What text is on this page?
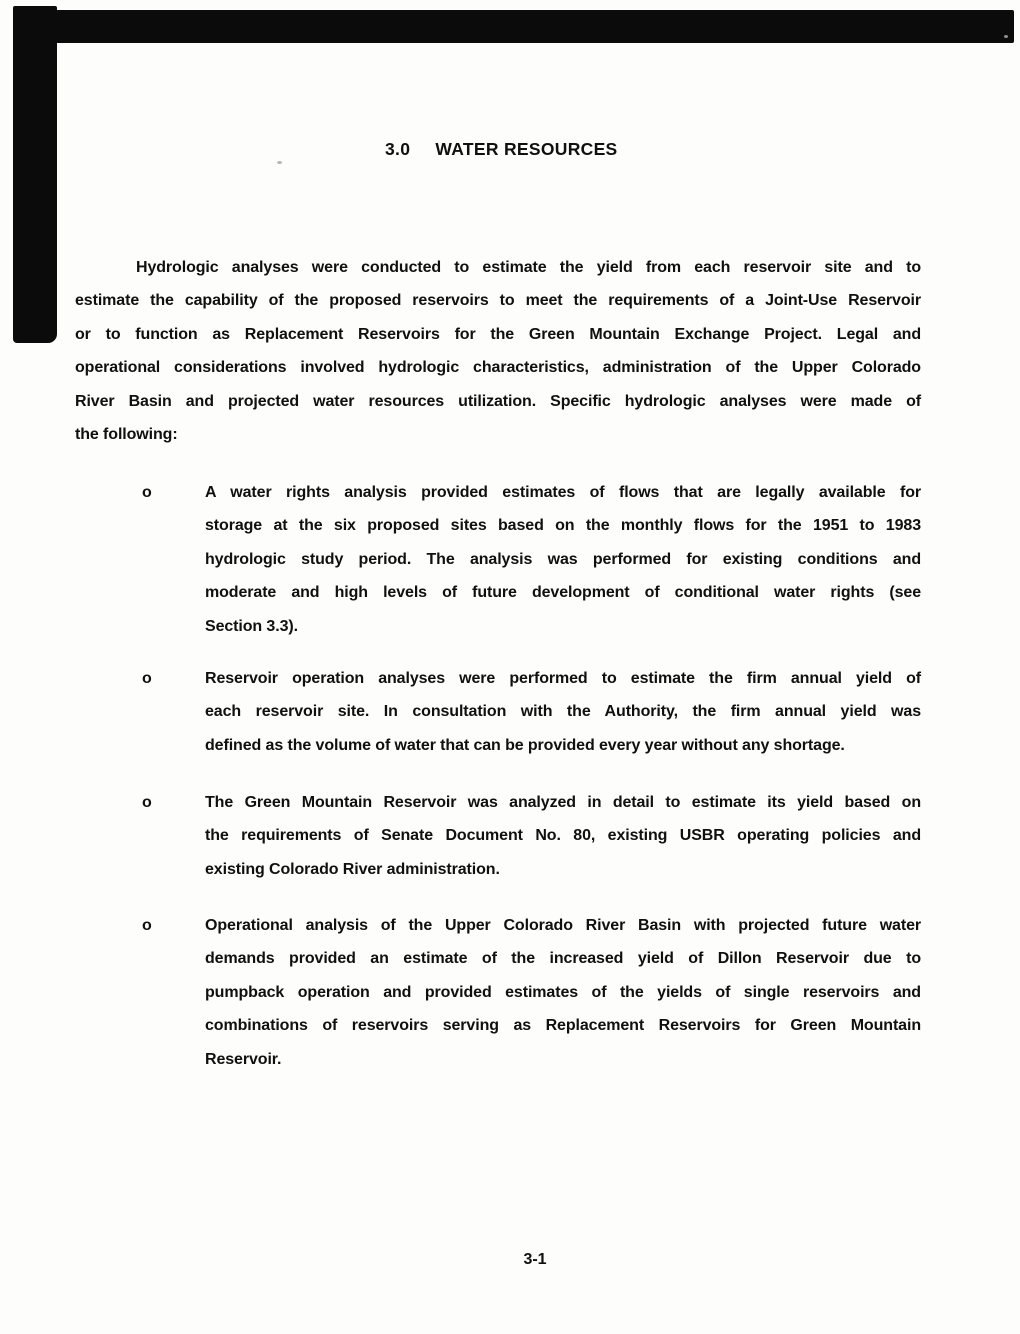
3.0 WATER RESOURCES
Hydrologic analyses were conducted to estimate the yield from each reservoir site and to
estimate the capability of the proposed reservoirs to meet the requirements of a Joint-Use Reservoir
or to function as Replacement Reservoirs for the Green Mountain Exchange Project. Legal and
operational considerations involved hydrologic characteristics, administration of the Upper Colorado
River Basin and projected water resources utilization. Specific hydrologic analyses were made of
the following:
o	A water rights analysis provided estimates of flows that are legally available for
storage at the six proposed sites based on the monthly flows for the 1951 to 1983
hydrologic study period. The analysis was performed for existing conditions and
moderate and high levels of future development of conditional water rights (see
Section 3.3).
o	Reservoir operation analyses were performed to estimate the firm annual yield of
each reservoir site. In consultation with the Authority, the firm annual yield was
defined as the volume of water that can be provided every year without any shortage.
o	The Green Mountain Reservoir was analyzed in detail to estimate its yield based on
the requirements of Senate Document No. 80, existing USBR operating policies and
existing Colorado River administration.
o	Operational analysis of the Upper Colorado River Basin with projected future water
demands provided an estimate of the increased yield of Dillon Reservoir due to
pumpback operation and provided estimates of the yields of single reservoirs and
combinations of reservoirs serving as Replacement Reservoirs for Green Mountain
Reservoir.
3-1
